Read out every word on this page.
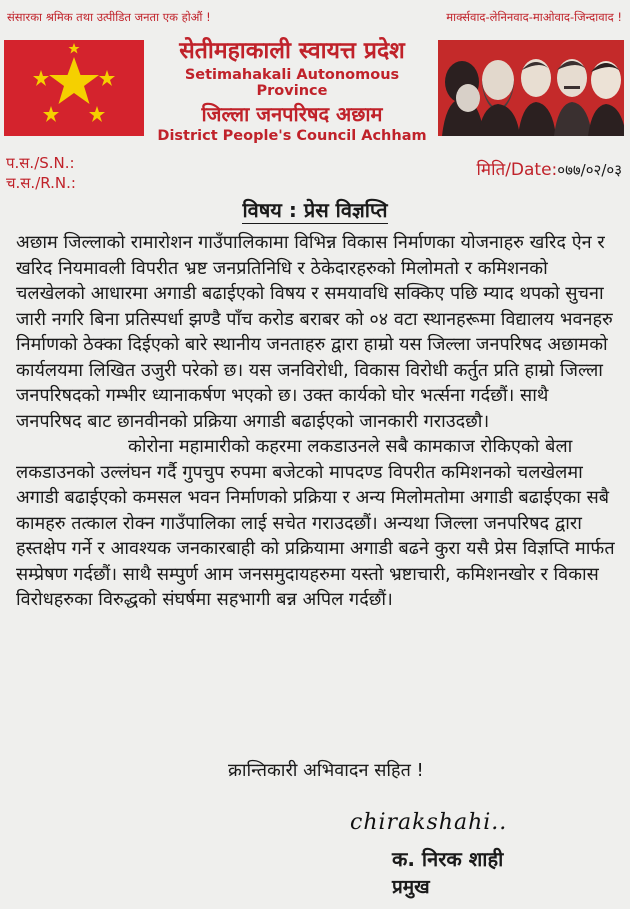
संसारका श्रमिक तथा उत्पीडित जनता एक होऔं !	मार्क्सवाद-लेनिनवाद-माओवाद-जिन्दावाद !
सेतीमहाकाली स्वायत्त प्रदेश
Setimahakali Autonomous Province
जिल्ला जनपरिषद अछाम
District People's Council Achham
प.स./S.N.:
च.स./R.N.:
मिति/Date:०७७/०२/०३
विषय : प्रेस विज्ञप्ति

अछाम जिल्लाको रामारोशन गाउँपालिकामा विभिन्न विकास निर्माणका योजनाहरु खरिद ऐन र खरिद नियमावली विपरीत भ्रष्ट जनप्रतिनिधि र ठेकेदारहरुको मिलोमतो र कमिशनको चलखेलको आधारमा अगाडी बढाईएको विषय र समयावधि सक्किए पछि म्याद थपको सुचना जारी नगरि बिना प्रतिस्पर्धा झण्डै पाँच करोड बराबर को ०४ वटा स्थानहरूमा विद्यालय भवनहरु निर्माणको ठेक्का दिईएको बारे स्थानीय जनताहरु द्वारा हाम्रो यस जिल्ला जनपरिषद अछामको कार्यलयमा लिखित उजुरी परेको छ। यस जनविरोधी, विकास विरोधी कर्तुत प्रति हाम्रो जिल्ला जनपरिषदको गम्भीर ध्यानाकर्षण भएको छ। उक्त कार्यको घोर भर्त्सना गर्दछौं। साथै जनपरिषद बाट छानवीनको प्रक्रिया अगाडी बढाईएको जानकारी गराउदछौ।

कोरोना महामारीको कहरमा लकडाउनले सबै कामकाज रोकिएको बेला लकडाउनको उल्लंघन गर्दै गुपचुप रुपमा बजेटको मापदण्ड विपरीत कमिशनको चलखेलमा अगाडी बढाईएको कमसल भवन निर्माणको प्रक्रिया र अन्य मिलोमतोमा अगाडी बढाईएका सबै कामहरु तत्काल रोक्न गाउँपालिका लाई सचेत गराउदछौं। अन्यथा जिल्ला जनपरिषद द्वारा हस्तक्षेप गर्ने र आवश्यक जनकारबाही को प्रक्रियामा अगाडी बढने कुरा यसै प्रेस विज्ञप्ति मार्फत सम्प्रेषण गर्दछौं। साथै सम्पुर्ण आम जनसमुदायहरुमा यस्तो भ्रष्टाचारी, कमिशनखोर र विकास विरोधहरुका विरुद्धको संघर्षमा सहभागी बन्न अपिल गर्दछौं।

क्रान्तिकारी अभिवादन सहित !
chirakshahi..
क. निरक शाही
प्रमुख
